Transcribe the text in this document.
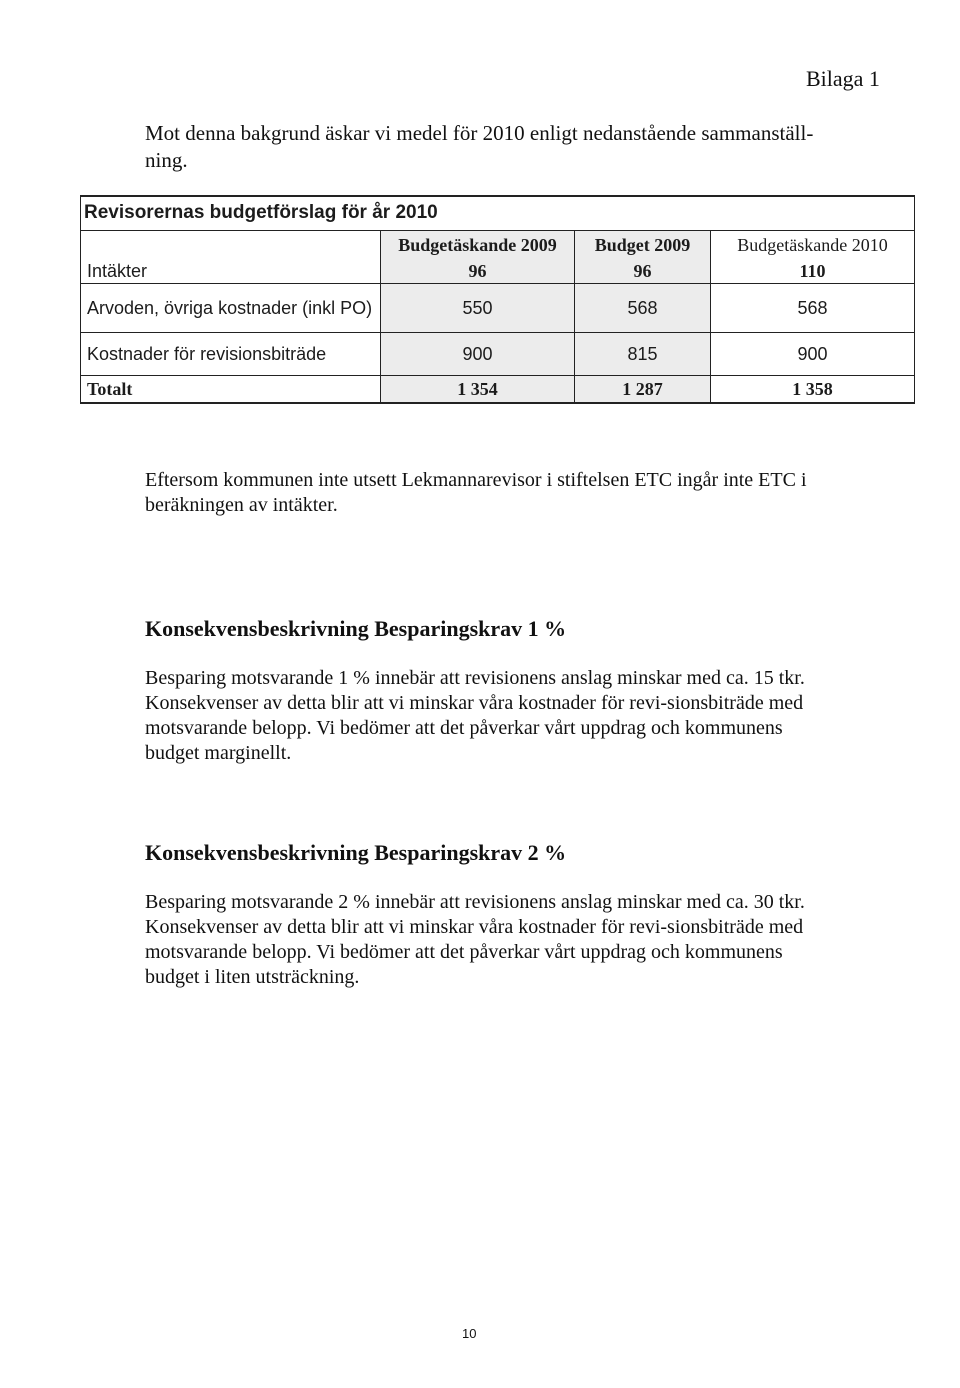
Bilaga 1
Mot denna bakgrund äskar vi medel för 2010 enligt nedanstående sammanställ-ning.

	Budgetäskande 2009	Budget 2009	Budgetäskande 2010
Intäkter	96	96	110
Arvoden, övriga kostnader (inkl PO)	550	568	568
Kostnader för revisionsbiträde	900	815	900
Totalt	1 354	1 287	1 358
Revisorernas budgetförslag för år 2010
Eftersom kommunen inte utsett Lekmannarevisor i stiftelsen ETC ingår inte ETC i beräkningen av intäkter.
Konsekvensbeskrivning Besparingskrav 1 %
Besparing motsvarande 1 % innebär att revisionens anslag minskar med ca. 15 tkr. Konsekvenser av detta blir att vi minskar våra kostnader för revi-sionsbiträde med motsvarande belopp. Vi bedömer att det påverkar vårt uppdrag och kommunens budget marginellt.
Konsekvensbeskrivning Besparingskrav 2 %
Besparing motsvarande 2 % innebär att revisionens anslag minskar med ca. 30 tkr. Konsekvenser av detta blir att vi minskar våra kostnader för revi-sionsbiträde med motsvarande belopp. Vi bedömer att det påverkar vårt uppdrag och kommunens budget i liten utsträckning.
10
